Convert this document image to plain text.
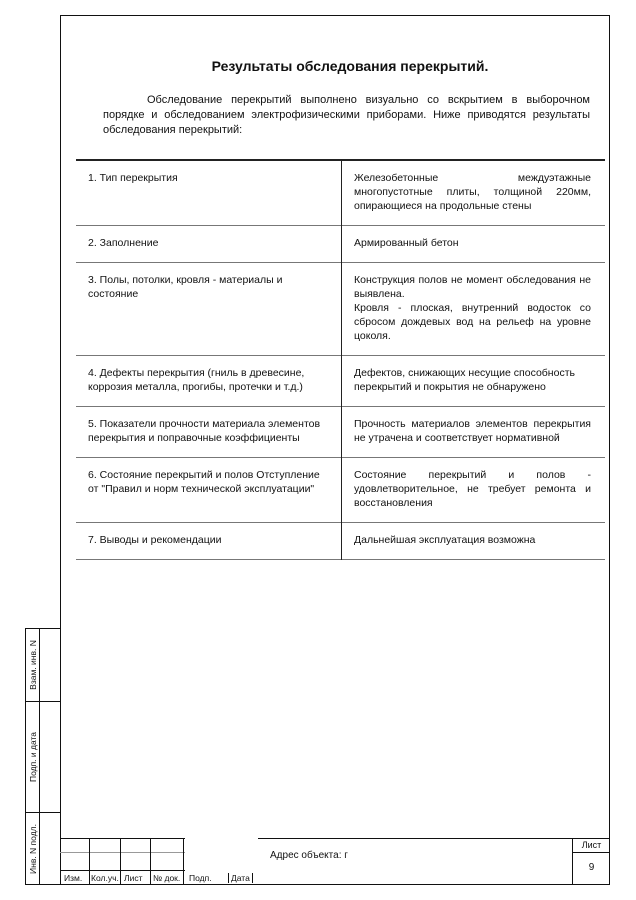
Результаты обследования перекрытий.
Обследование перекрытий выполнено визуально со вскрытием в выборочном порядке и обследованием электрофизическими приборами. Ниже приводятся результаты обследования перекрытий:
1. Тип перекрытия	Железобетонные междуэтажные многопустотные плиты, толщиной 220мм, опирающиеся на продольные стены
2. Заполнение	Армированный бетон
3. Полы, потолки, кровля - материалы и состояние	Конструкция полов не момент обследования не выявлена.
Кровля - плоская, внутренний водосток со сбросом дождевых вод на рельеф на уровне цоколя.

4. Дефекты перекрытия (гниль в древесине, коррозия металла, прогибы, протечки и т.д.)	Дефектов, снижающих несущие способность перекрытий и покрытия не обнаружено
5. Показатели прочности материала элементов перекрытия и поправочные коэффициенты	Прочность материалов элементов перекрытия не утрачена и соответствует нормативной
6. Состояние перекрытий и полов Отступление от "Правил и норм технической эксплуатации"	Состояние перекрытий и полов - удовлетворительное, не требует ремонта и восстановления
7. Выводы и рекомендации	Дальнейшая эксплуатация возможна
Взам. инв. N
Подп. и дата
Инв. N подл.
Изм. Кол.уч. Лист № док. Подп.	Дата
Адрес объекта: г
Лист
9
